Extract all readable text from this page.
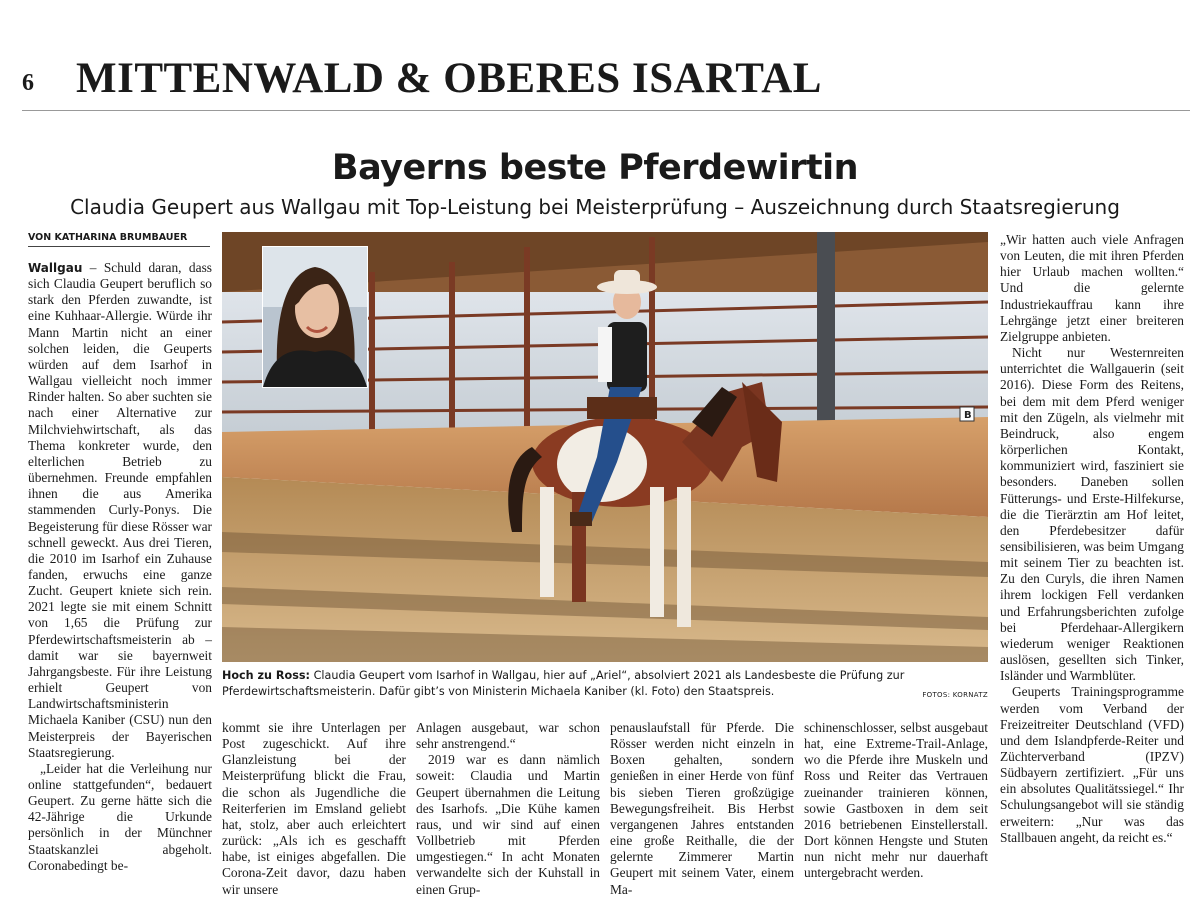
6 MITTENWALD & OBERES ISARTAL
Bayerns beste Pferdewirtin
Claudia Geupert aus Wallgau mit Top-Leistung bei Meisterprüfung – Auszeichnung durch Staatsregierung
VON KATHARINA BRUMBAUER

Wallgau – Schuld daran, dass sich Claudia Geupert beruflich so stark den Pferden zuwandte, ist eine Kuhhaar-Allergie. Würde ihr Mann Martin nicht an einer solchen leiden, die Geuperts würden auf dem Isarhof in Wallgau vielleicht noch immer Rinder halten. So aber suchten sie nach einer Alternative zur Milchviehwirtschaft, als das Thema konkreter wurde, den elterlichen Betrieb zu übernehmen. Freunde empfahlen ihnen die aus Amerika stammenden Curly-Ponys. Die Begeisterung für diese Rösser war schnell geweckt. Aus drei Tieren, die 2010 im Isarhof ein Zuhause fanden, erwuchs eine ganze Zucht. Geupert kniete sich rein. 2021 legte sie mit einem Schnitt von 1,65 die Prüfung zur Pferdewirtschaftsmeisterin ab – damit war sie bayernweit Jahrgangsbeste. Für ihre Leistung erhielt Geupert von Landwirtschaftsministerin Michaela Kaniber (CSU) nun den Meisterpreis der Bayerischen Staatsregierung.

„Leider hat die Verleihung nur online stattgefunden“, bedauert Geupert. Zu gerne hätte sich die 42-Jährige die Urkunde persönlich in der Münchner Staatskanzlei abgeholt. Coronabedingt be-

B
Hoch zu Ross: Claudia Geupert vom Isarhof in Wallgau, hier auf „Ariel“, absolviert 2021 als Landesbeste die Prüfung zur Pferdewirtschaftsmeisterin. Dafür gibt’s von Ministerin Michaela Kaniber (kl. Foto) den Staatspreis.	FOTOS: KORNATZ

kommt sie ihre Unterlagen per Post zugeschickt. Auf ihre Glanzleistung bei der Meisterprüfung blickt die Frau, die schon als Jugendliche die Reiterferien im Emsland geliebt hat, stolz, aber auch erleichtert zurück: „Als ich es geschafft habe, ist einiges abgefallen. Die Corona-Zeit davor, dazu haben wir unsere

Anlagen ausgebaut, war schon sehr anstrengend.“

2019 war es dann nämlich soweit: Claudia und Martin Geupert übernahmen die Leitung des Isarhofs. „Die Kühe kamen raus, und wir sind auf einen Vollbetrieb mit Pferden umgestiegen.“ In acht Monaten verwandelte sich der Kuhstall in einen Grup-

penauslaufstall für Pferde. Die Rösser werden nicht einzeln in Boxen gehalten, sondern genießen in einer Herde von fünf bis sieben Tieren großzügige Bewegungsfreiheit. Bis Herbst vergangenen Jahres entstanden eine große Reithalle, die der gelernte Zimmerer Martin Geupert mit seinem Vater, einem Ma-

schinenschlosser, selbst ausgebaut hat, eine Extreme-Trail-Anlage, wo die Pferde ihre Muskeln und Ross und Reiter das Vertrauen zueinander trainieren können, sowie Gastboxen in dem seit 2016 betriebenen Einstellerstall. Dort können Hengste und Stuten nun nicht mehr nur dauerhaft untergebracht werden.

„Wir hatten auch viele Anfragen von Leuten, die mit ihren Pferden hier Urlaub machen wollten.“ Und die gelernte Industriekauffrau kann ihre Lehrgänge jetzt einer breiteren Zielgruppe anbieten.

Nicht nur Westernreiten unterrichtet die Wallgauerin (seit 2016). Diese Form des Reitens, bei dem mit dem Pferd weniger mit den Zügeln, als vielmehr mit Beindruck, also engem körperlichen Kontakt, kommuniziert wird, fasziniert sie besonders. Daneben sollen Fütterungs- und Erste-Hilfekurse, die die Tierärztin am Hof leitet, den Pferdebesitzer dafür sensibilisieren, was beim Umgang mit seinem Tier zu beachten ist. Zu den Curyls, die ihren Namen ihrem lockigen Fell verdanken und Erfahrungsberichten zufolge bei Pferdehaar-Allergikern wiederum weniger Reaktionen auslösen, gesellten sich Tinker, Isländer und Warmblüter.

Geuperts Trainingsprogramme werden vom Verband der Freizeitreiter Deutschland (VFD) und dem Islandpferde-Reiter und Züchterverband (IPZV) Südbayern zertifiziert. „Für uns ein absolutes Qualitätssiegel.“ Ihr Schulungsangebot will sie ständig erweitern: „Nur was das Stallbauen angeht, da reicht es.“
